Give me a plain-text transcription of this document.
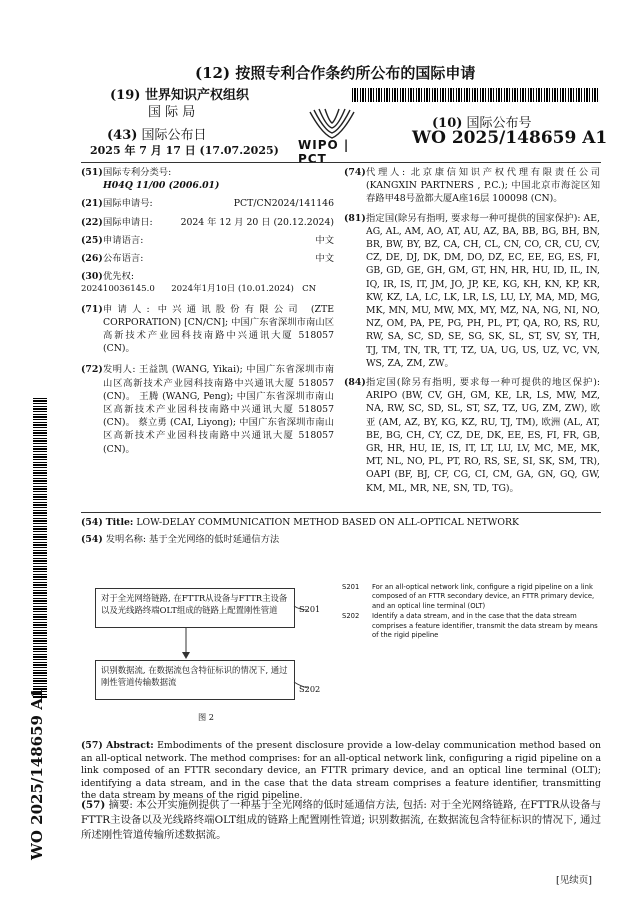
(12) 按照专利合作条约所公布的国际申请
(19) 世界知识产权组织
国 际 局
(43) 国际公布日
2025 年 7 月 17 日 (17.07.2025) WIPO | PCT
(10) 国际公布号
WO 2025/148659 A1
(51) 国际专利分类号:
H04Q 11/00 (2006.01)
(21) 国际申请号:	PCT/CN2024/141146
(22) 国际申请日:	2024 年 12 月 20 日 (20.12.2024)
(25) 申请语言:	中文
(26) 公布语言:	中文
(30) 优先权:
202410036145.0      2024年1月10日 (10.01.2024)   CN
(71) 申请人: 中兴通讯股份有限公司 (ZTE CORPORATION) [CN/CN]; 中国广东省深圳市南山区高新技术产业园科技南路中兴通讯大厦 518057 (CN)。
(72) 发明人: 王益凯 (WANG, Yikai); 中国广东省深圳市南山区高新技术产业园科技南路中兴通讯大厦 518057 (CN)。 王腾 (WANG, Peng); 中国广东省深圳市南山区高新技术产业园科技南路中兴通讯大厦 518057 (CN)。 蔡立勇 (CAI, Liyong); 中国广东省深圳市南山区高新技术产业园科技南路中兴通讯大厦 518057 (CN)。
(74) 代理人: 北京康信知识产权代理有限责任公司 (KANGXIN PARTNERS , P.C.); 中国北京市海淀区知春路甲48号盈都大厦A座16层 100098 (CN)。
(81) 指定国(除另有指明, 要求每一种可提供的国家保护): AE, AG, AL, AM, AO, AT, AU, AZ, BA, BB, BG, BH, BN, BR, BW, BY, BZ, CA, CH, CL, CN, CO, CR, CU, CV, CZ, DE, DJ, DK, DM, DO, DZ, EC, EE, EG, ES, FI, GB, GD, GE, GH, GM, GT, HN, HR, HU, ID, IL, IN, IQ, IR, IS, IT, JM, JO, JP, KE, KG, KH, KN, KP, KR, KW, KZ, LA, LC, LK, LR, LS, LU, LY, MA, MD, MG, MK, MN, MU, MW, MX, MY, MZ, NA, NG, NI, NO, NZ, OM, PA, PE, PG, PH, PL, PT, QA, RO, RS, RU, RW, SA, SC, SD, SE, SG, SK, SL, ST, SV, SY, TH, TJ, TM, TN, TR, TT, TZ, UA, UG, US, UZ, VC, VN, WS, ZA, ZM, ZW。
(84) 指定国(除另有指明, 要求每一种可提供的地区保护): ARIPO (BW, CV, GH, GM, KE, LR, LS, MW, MZ, NA, RW, SC, SD, SL, ST, SZ, TZ, UG, ZM, ZW), 欧亚 (AM, AZ, BY, KG, KZ, RU, TJ, TM), 欧洲 (AL, AT, BE, BG, CH, CY, CZ, DE, DK, EE, ES, FI, FR, GB, GR, HR, HU, IE, IS, IT, LT, LU, LV, MC, ME, MK, MT, NL, NO, PL, PT, RO, RS, SE, SI, SK, SM, TR), OAPI (BF, BJ, CF, CG, CI, CM, GA, GN, GQ, GW, KM, ML, MR, NE, SN, TD, TG)。
(54) Title: LOW-DELAY COMMUNICATION METHOD BASED ON ALL-OPTICAL NETWORK
(54) 发明名称: 基于全光网络的低时延通信方法
对于全光网络链路, 在FTTR从设备与FTTR主设备以及光线路终端OLT组成的链路上配置刚性管道	S201
识别数据流, 在数据流包含特征标识的情况下, 通过刚性管道传输数据流
S202
图 2
S201	For an all-optical network link, configure a rigid pipeline on a link composed of an FTTR secondary device, an FTTR primary device, and an optical line terminal (OLT)
S202	Identify a data stream, and in the case that the data stream comprises a feature identifier, transmit the data stream by means of the rigid pipeline
(57) Abstract: Embodiments of the present disclosure provide a low-delay communication method based on an all-optical network. The method comprises: for an all-optical network link, configuring a rigid pipeline on a link composed of an FTTR secondary device, an FTTR primary device, and an optical line terminal (OLT); identifying a data stream, and in the case that the data stream comprises a feature identifier, transmitting the data stream by means of the rigid pipeline.
(57) 摘要: 本公开实施例提供了一种基于全光网络的低时延通信方法, 包括: 对于全光网络链路, 在FTTR从设备与FTTR主设备以及光线路终端OLT组成的链路上配置刚性管道; 识别数据流, 在数据流包含特征标识的情况下, 通过所述刚性管道传输所述数据流。
WO 2025/148659 A1
[见续页]
